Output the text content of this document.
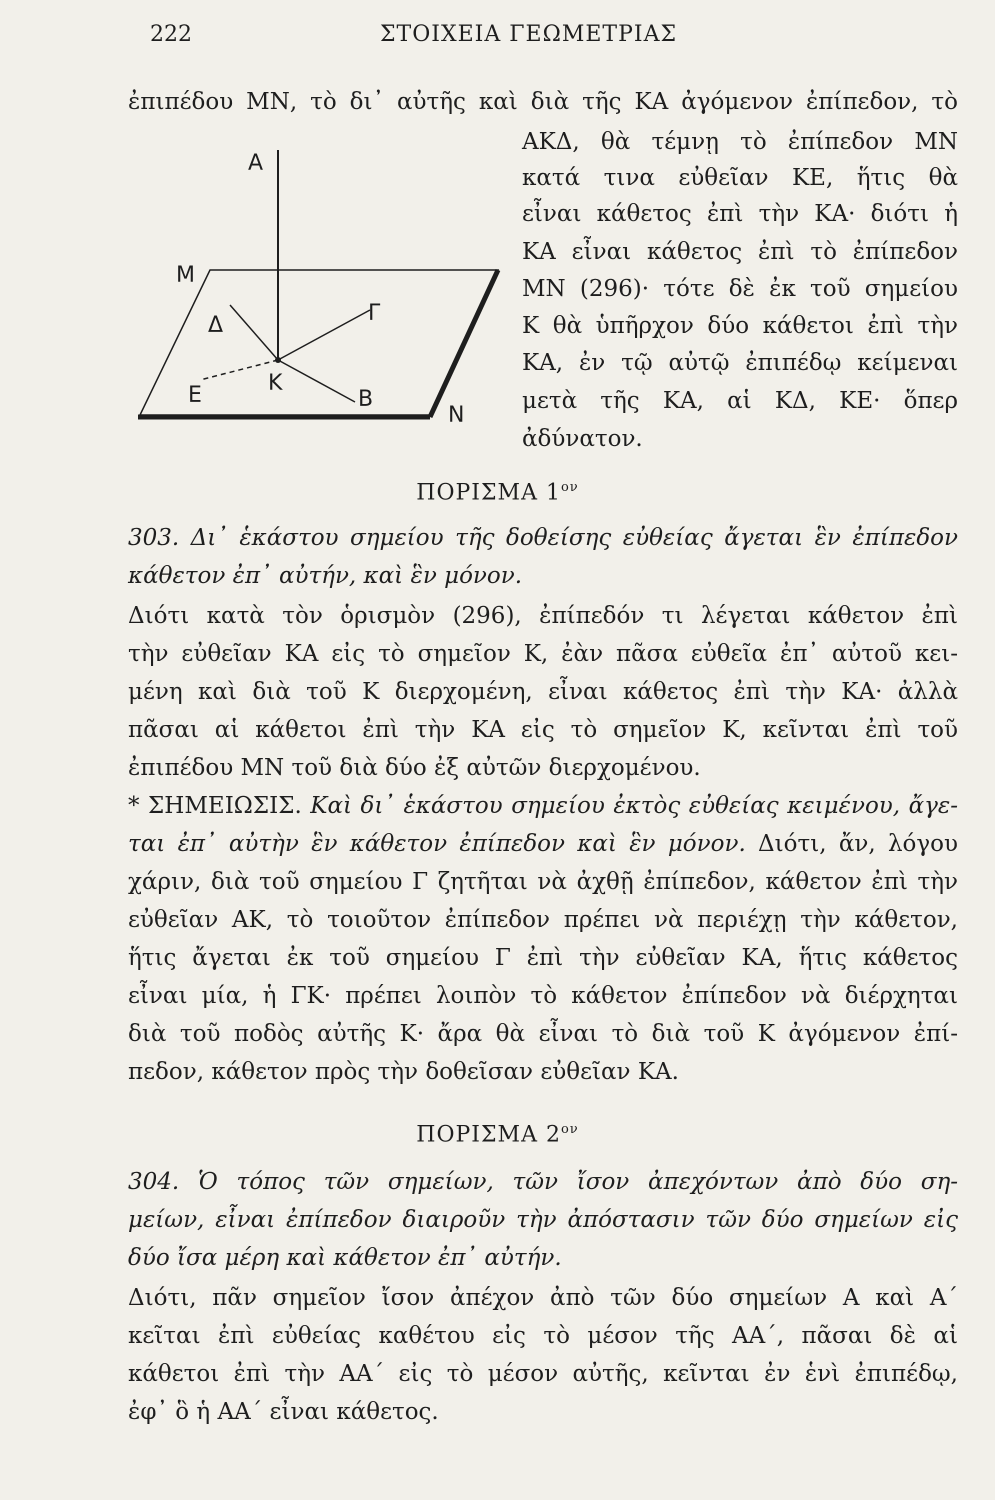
222	ΣΤΟΙΧΕΙΑ ΓΕΩΜΕΤΡΙΑΣ
ἐπιπέδου ΜΝ, τὸ δι᾽ αὐτῆς καὶ διὰ τῆς ΚΑ ἀγόμενον ἐπίπεδον, τὸ
Α
Μ
Δ	Γ
Κ
Ε	Β
Ν
ΑΚΔ, θὰ τέμνῃ τὸ ἐπίπεδον ΜΝ
κατά τινα εὐθεῖαν ΚΕ, ἥτις θὰ
εἶναι κάθετος ἐπὶ τὴν ΚΑ· διότι ἡ
ΚΑ εἶναι κάθετος ἐπὶ τὸ ἐπίπεδον
ΜΝ (296)· τότε δὲ ἐκ τοῦ σημείου
Κ θὰ ὑπῆρχον δύο κάθετοι ἐπὶ τὴν
ΚΑ, ἐν τῷ αὐτῷ ἐπιπέδῳ κείμεναι
μετὰ τῆς ΚΑ, αἱ ΚΔ, ΚΕ· ὅπερ
ἀδύνατον.
ΠΟΡΙΣΜΑ $1^{o\nu}$
303. Δι᾽ ἑκάστου σημείου τῆς δοθείσης εὐθείας ἄγεται ἓν ἐπίπεδον
κάθετον ἐπ᾽ αὐτήν, καὶ ἓν μόνον.
Διότι κατὰ τὸν ὁρισμὸν (296), ἐπίπεδόν τι λέγεται κάθετον ἐπὶ
τὴν εὐθεῖαν ΚΑ εἰς τὸ σημεῖον Κ, ἐὰν πᾶσα εὐθεῖα ἐπ᾽ αὐτοῦ κει-
μένη καὶ διὰ τοῦ Κ διερχομένη, εἶναι κάθετος ἐπὶ τὴν ΚΑ· ἀλλὰ
πᾶσαι αἱ κάθετοι ἐπὶ τὴν ΚΑ εἰς τὸ σημεῖον Κ, κεῖνται ἐπὶ τοῦ
ἐπιπέδου ΜΝ τοῦ διὰ δύο ἐξ αὐτῶν διερχομένου.
* ΣΗΜΕΙΩΣΙΣ. Καὶ δι᾽ ἑκάστου σημείου ἐκτὸς εὐθείας κειμένου, ἄγε-
ται ἐπ᾽ αὐτὴν ἓν κάθετον ἐπίπεδον καὶ ἓν μόνον. Διότι, ἄν, λόγου
χάριν, διὰ τοῦ σημείου Γ ζητῆται νὰ ἀχθῇ ἐπίπεδον, κάθετον ἐπὶ τὴν
εὐθεῖαν ΑΚ, τὸ τοιοῦτον ἐπίπεδον πρέπει νὰ περιέχῃ τὴν κάθετον,
ἥτις ἄγεται ἐκ τοῦ σημείου Γ ἐπὶ τὴν εὐθεῖαν ΚΑ, ἥτις κάθετος
εἶναι μία, ἡ ΓΚ· πρέπει λοιπὸν τὸ κάθετον ἐπίπεδον νὰ διέρχηται
διὰ τοῦ ποδὸς αὐτῆς Κ· ἄρα θὰ εἶναι τὸ διὰ τοῦ Κ ἀγόμενον ἐπί-
πεδον, κάθετον πρὸς τὴν δοθεῖσαν εὐθεῖαν ΚΑ.
ΠΟΡΙΣΜΑ $2^{o\nu}$
304. Ὁ τόπος τῶν σημείων, τῶν ἴσον ἀπεχόντων ἀπὸ δύο ση-
μείων, εἶναι ἐπίπεδον διαιροῦν τὴν ἀπόστασιν τῶν δύο σημείων εἰς
δύο ἴσα μέρη καὶ κάθετον ἐπ᾽ αὐτήν.
Διότι, πᾶν σημεῖον ἴσον ἀπέχον ἀπὸ τῶν δύο σημείων Α καὶ Α΄
κεῖται ἐπὶ εὐθείας καθέτου εἰς τὸ μέσον τῆς ΑΑ΄, πᾶσαι δὲ αἱ
κάθετοι ἐπὶ τὴν ΑΑ΄ εἰς τὸ μέσον αὐτῆς, κεῖνται ἐν ἑνὶ ἐπιπέδῳ,
ἐφ᾽ ὃ ἡ ΑΑ΄ εἶναι κάθετος.
